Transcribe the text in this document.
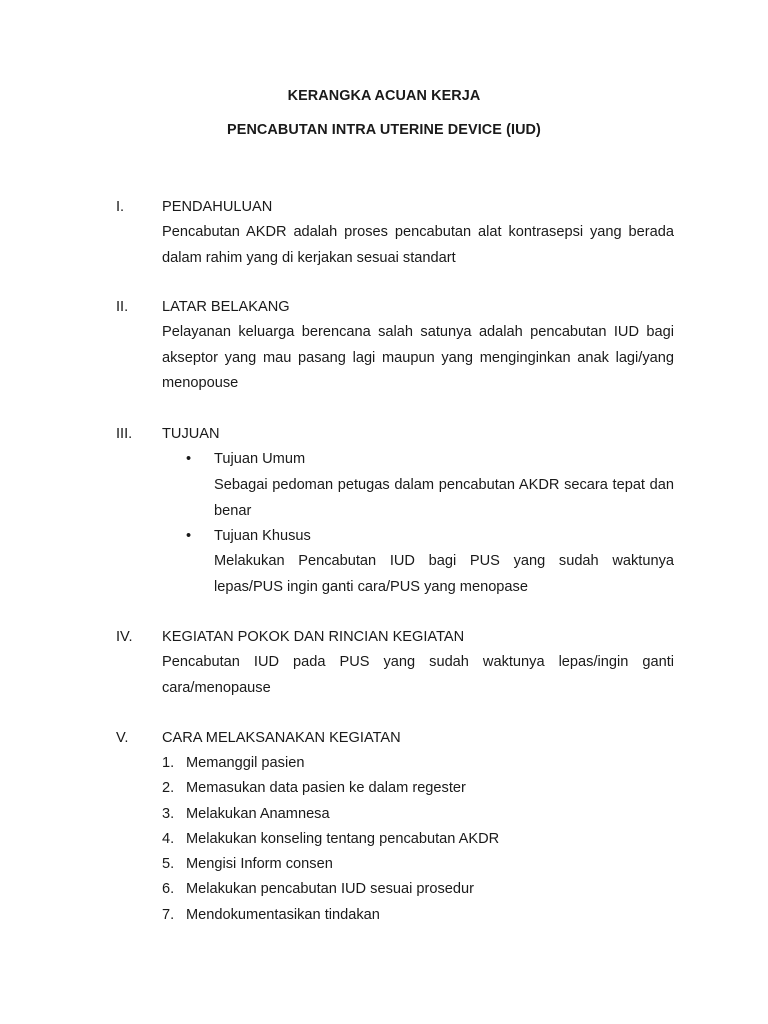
KERANGKA ACUAN KERJA
PENCABUTAN INTRA UTERINE DEVICE (IUD)

I.	PENDAHULUAN

Pencabutan AKDR adalah proses pencabutan alat kontrasepsi yang berada dalam rahim yang di kerjakan sesuai standart

II. LATAR BELAKANG

Pelayanan keluarga berencana salah satunya adalah pencabutan IUD bagi akseptor yang mau pasang lagi maupun yang menginginkan anak lagi/yang menopouse

III. TUJUAN
• Tujuan Umum

Sebagai pedoman petugas dalam pencabutan AKDR secara tepat dan benar

• Tujuan Khusus

Melakukan Pencabutan IUD bagi PUS yang sudah waktunya lepas/PUS ingin ganti cara/PUS yang menopase

IV. KEGIATAN POKOK DAN RINCIAN KEGIATAN

Pencabutan IUD pada PUS yang sudah waktunya lepas/ingin ganti cara/menopause

V. CARA MELAKSANAKAN KEGIATAN
1. Memanggil pasien
2. Memasukan data pasien ke dalam regester
3. Melakukan Anamnesa
4. Melakukan konseling tentang pencabutan AKDR
5. Mengisi Inform consen
6. Melakukan pencabutan IUD sesuai prosedur
7. Mendokumentasikan tindakan
